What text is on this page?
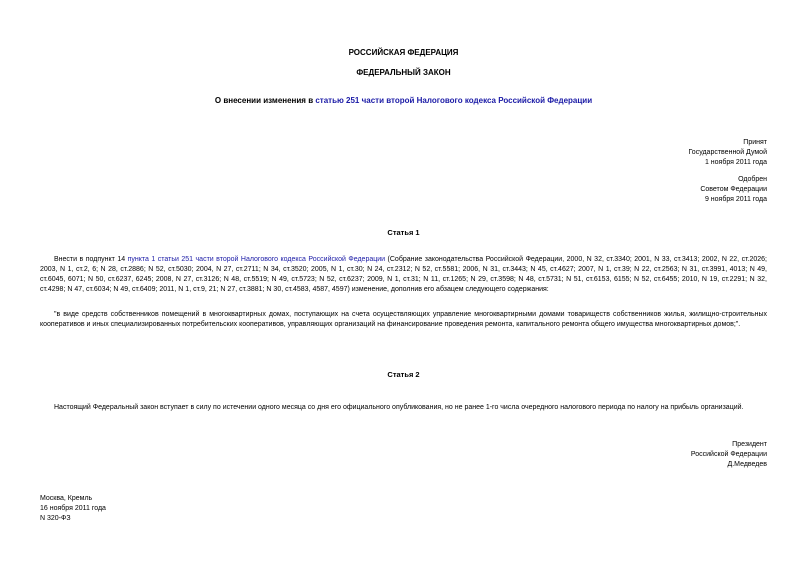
РОССИЙСКАЯ ФЕДЕРАЦИЯ
ФЕДЕРАЛЬНЫЙ ЗАКОН
О внесении изменения в статью 251 части второй Налогового кодекса Российской Федерации
Принят
Государственной Думой
1 ноября 2011 года
Одобрен
Советом Федерации
9 ноября 2011 года
Статья 1
Внести в подпункт 14 пункта 1 статьи 251 части второй Налогового кодекса Российской Федерации (Собрание законодательства Российской Федерации, 2000, N 32, ст.3340; 2001, N 33, ст.3413; 2002, N 22, ст.2026; 2003, N 1, ст.2, 6; N 28, ст.2886; N 52, ст.5030; 2004, N 27, ст.2711; N 34, ст.3520; 2005, N 1, ст.30; N 24, ст.2312; N 52, ст.5581; 2006, N 31, ст.3443; N 45, ст.4627; 2007, N 1, ст.39; N 22, ст.2563; N 31, ст.3991, 4013; N 49, ст.6045, 6071; N 50, ст.6237, 6245; 2008, N 27, ст.3126; N 48, ст.5519; N 49, ст.5723; N 52, ст.6237; 2009, N 1, ст.31; N 11, ст.1265; N 29, ст.3598; N 48, ст.5731; N 51, ст.6153, 6155; N 52, ст.6455; 2010, N 19, ст.2291; N 32, ст.4298; N 47, ст.6034; N 49, ст.6409; 2011, N 1, ст.9, 21; N 27, ст.3881; N 30, ст.4583, 4587, 4597) изменение, дополнив его абзацем следующего содержания:
"в виде средств собственников помещений в многоквартирных домах, поступающих на счета осуществляющих управление многоквартирными домами товариществ собственников жилья, жилищно-строительных кооперативов и иных специализированных потребительских кооперативов, управляющих организаций на финансирование проведения ремонта, капитального ремонта общего имущества многоквартирных домов;".
Статья 2
Настоящий Федеральный закон вступает в силу по истечении одного месяца со дня его официального опубликования, но не ранее 1-го числа очередного налогового периода по налогу на прибыль организаций.
Президент
Российской Федерации
Д.Медведев
Москва, Кремль
16 ноября 2011 года
N 320-ФЗ
